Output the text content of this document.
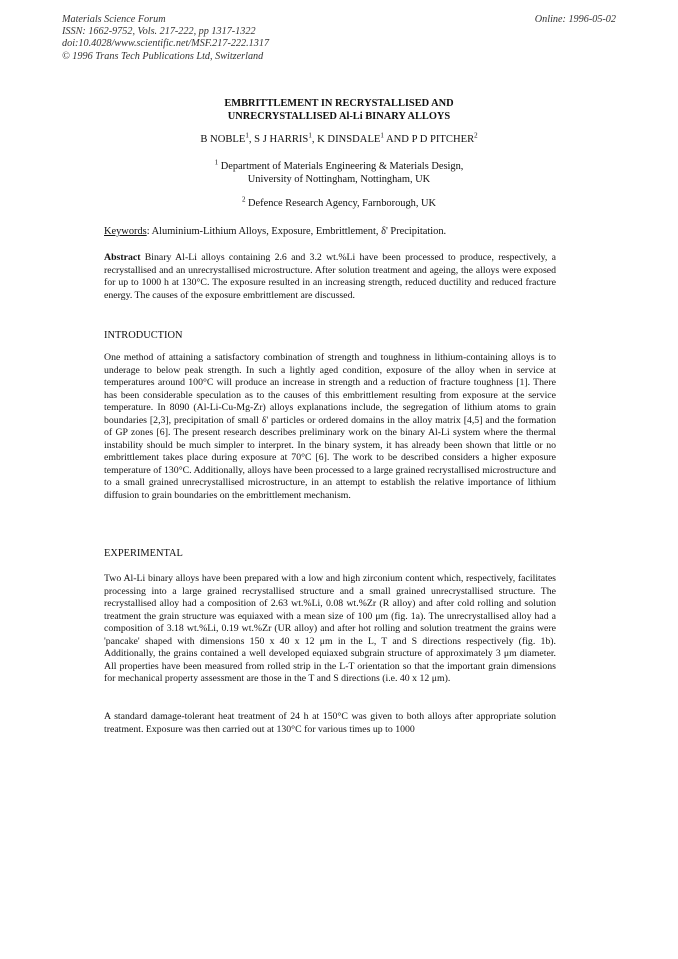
Materials Science Forum
ISSN: 1662-9752, Vols. 217-222, pp 1317-1322
doi:10.4028/www.scientific.net/MSF.217-222.1317
© 1996 Trans Tech Publications Ltd, Switzerland
Online: 1996-05-02
EMBRITTLEMENT IN RECRYSTALLISED AND
UNRECRYSTALLISED Al-Li BINARY ALLOYS
B NOBLE$^1$, S J HARRIS$^1$, K DINSDALE$^1$ AND P D PITCHER$^2$
$^1$ Department of Materials Engineering & Materials Design,
University of Nottingham, Nottingham, UK
$^2$ Defence Research Agency, Farnborough, UK
Keywords: Aluminium-Lithium Alloys, Exposure, Embrittlement, δ' Precipitation.
Abstract Binary Al-Li alloys containing 2.6 and 3.2 wt.%Li have been processed to produce, respectively, a recrystallised and an unrecrystallised microstructure. After solution treatment and ageing, the alloys were exposed for up to 1000 h at 130°C. The exposure resulted in an increasing strength, reduced ductility and reduced fracture energy. The causes of the exposure embrittlement are discussed.
INTRODUCTION
One method of attaining a satisfactory combination of strength and toughness in lithium-containing alloys is to underage to below peak strength. In such a lightly aged condition, exposure of the alloy when in service at temperatures around 100°C will produce an increase in strength and a reduction of fracture toughness [1]. There has been considerable speculation as to the causes of this embrittlement resulting from exposure at the service temperature. In 8090 (Al-Li-Cu-Mg-Zr) alloys explanations include, the segregation of lithium atoms to grain boundaries [2,3], precipitation of small δ' particles or ordered domains in the alloy matrix [4,5] and the formation of GP zones [6]. The present research describes preliminary work on the binary Al-Li system where the thermal instability should be much simpler to interpret. In the binary system, it has already been shown that little or no embrittlement takes place during exposure at 70°C [6]. The work to be described considers a higher exposure temperature of 130°C. Additionally, alloys have been processed to a large grained recrystallised microstructure and to a small grained unrecrystallised microstructure, in an attempt to establish the relative importance of lithium diffusion to grain boundaries on the embrittlement mechanism.
EXPERIMENTAL
Two Al-Li binary alloys have been prepared with a low and high zirconium content which, respectively, facilitates processing into a large grained recrystallised structure and a small grained unrecrystallised structure. The recrystallised alloy had a composition of 2.63 wt.%Li, 0.08 wt.%Zr (R alloy) and after cold rolling and solution treatment the grain structure was equiaxed with a mean size of 100 μm (fig. 1a). The unrecrystallised alloy had a composition of 3.18 wt.%Li, 0.19 wt.%Zr (UR alloy) and after hot rolling and solution treatment the grains were 'pancake' shaped with dimensions 150 x 40 x 12 μm in the L, T and S directions respectively (fig. 1b). Additionally, the grains contained a well developed equiaxed subgrain structure of approximately 3 μm diameter. All properties have been measured from rolled strip in the L-T orientation so that the important grain dimensions for mechanical property assessment are those in the T and S directions (i.e. 40 x 12 μm).
A standard damage-tolerant heat treatment of 24 h at 150°C was given to both alloys after appropriate solution treatment. Exposure was then carried out at 130°C for various times up to 1000
